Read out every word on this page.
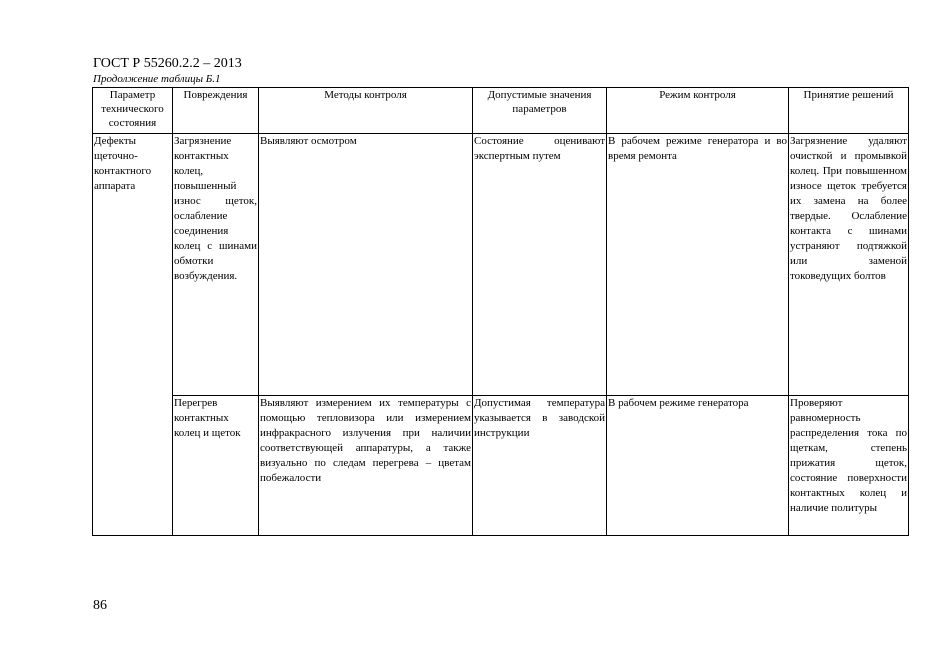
ГОСТ Р 55260.2.2 – 2013
Продолжение таблицы Б.1
Параметр технического состояния	Повреждения	Методы контроля	Допустимые значения параметров	Режим контроля	Принятие решений

Дефекты щеточно-контактного аппарата	Загрязнение контактных колец, повышенный износ щеток, ослабление соединения колец с шинами обмотки возбуждения.	Выявляют осмотром	Состояние оценивают экспертным путем	В рабочем режиме генератора и во время ремонта	Загрязнение удаляют очисткой и промывкой колец. При повышенном износе щеток требуется их замена на более твердые. Ослабление контакта с шинами устраняют подтяжкой или заменой токоведущих болтов
	Перегрев контактных колец и щеток	Выявляют измерением их температуры с помощью тепловизора или измерением инфракрасного излучения при наличии соответствующей аппаратуры, а также визуально по следам перегрева – цветам побежалости	Допустимая температура указывается в заводской инструкции	В рабочем режиме генератора	Проверяют равномерность распределения тока по щеткам, степень прижатия щеток, состояние поверхности контактных колец и наличие политуры
86
